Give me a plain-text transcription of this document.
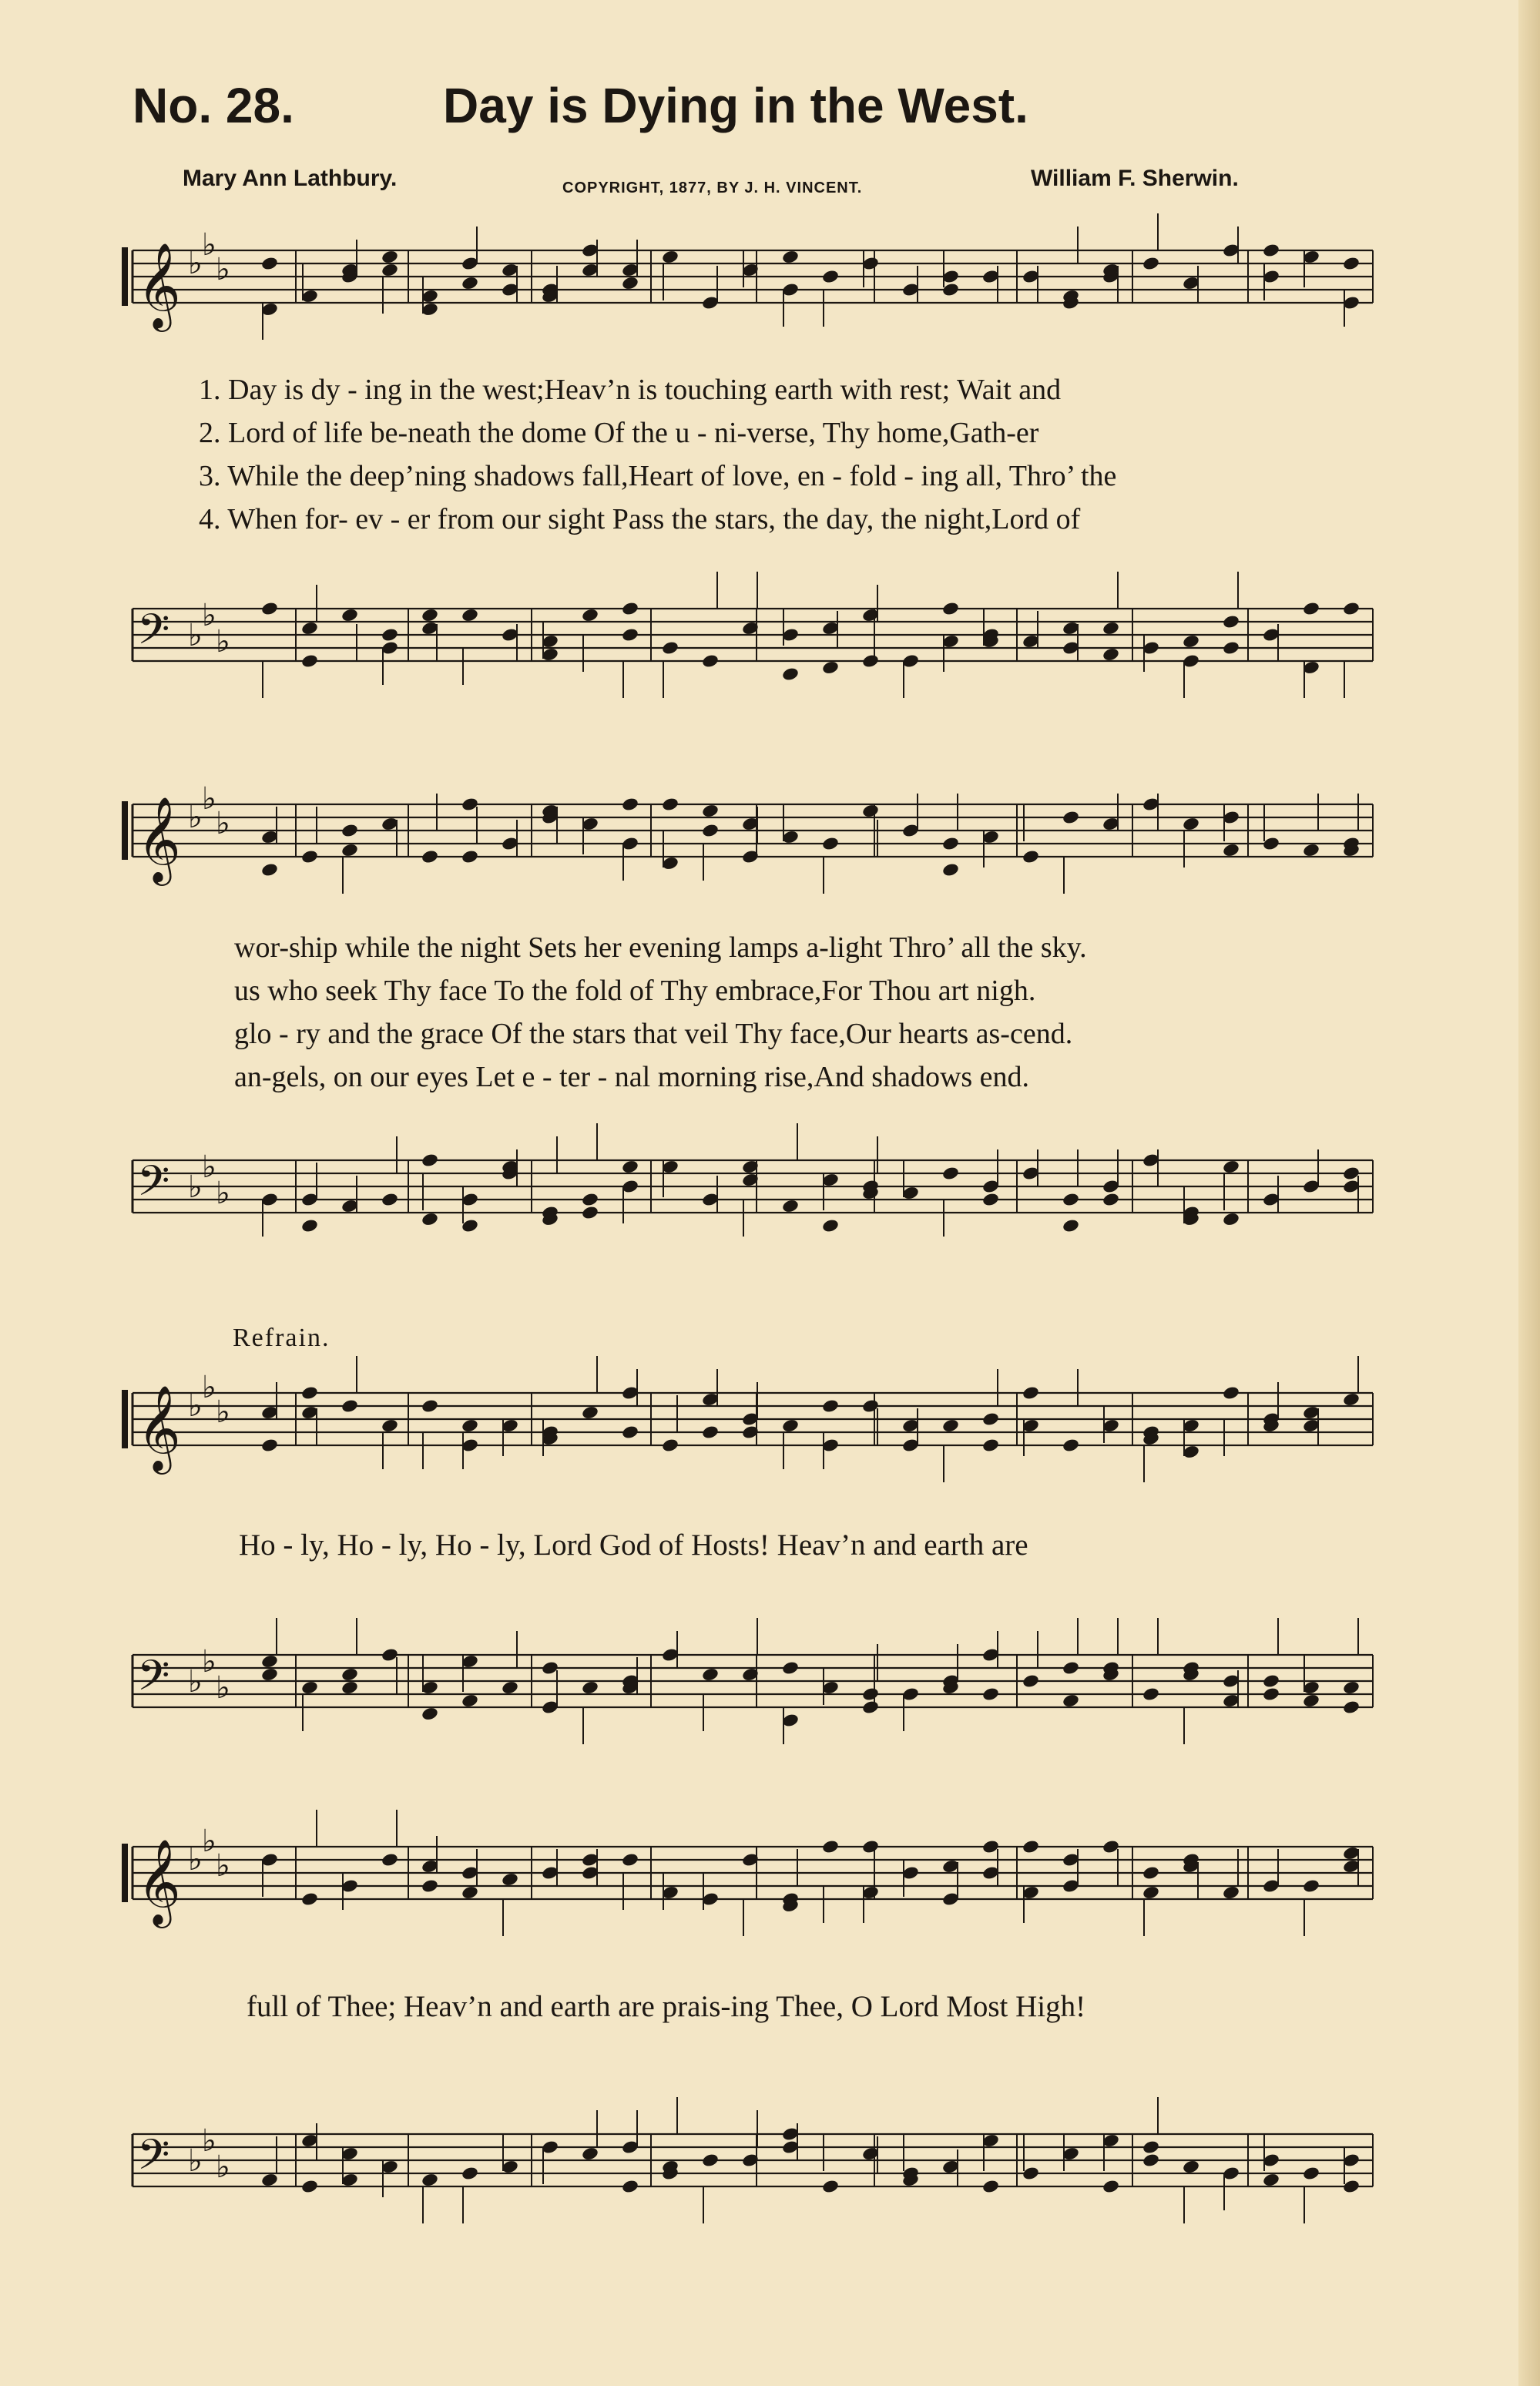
No. 28.	Day is Dying in the West.
Mary Ann Lathbury.	COPYRIGHT, 1877, BY J. H. VINCENT.	William F. Sherwin.
𝄞 ♭
♭
♭
1. Day is dy - ing in the west;Heav’n is touching earth with rest; Wait and
2. Lord of life be-neath the dome Of the u - ni-verse, Thy home,Gath-er
3. While the deep’ning shadows fall,Heart of love, en - fold - ing all, Thro’ the
4. When for- ev - er from our sight Pass the stars, the day, the night,Lord of
𝄢 ♭
♭
♭
𝄞 ♭
♭
♭
wor-ship while the night Sets her evening lamps a-light Thro’ all the sky.
us who seek Thy face To the fold of Thy embrace,For Thou art nigh.
glo - ry and the grace Of the stars that veil Thy face,Our hearts as-cend.
an-gels, on our eyes Let e - ter - nal morning rise,And shadows end.
𝄢 ♭
♭
♭
Refrain.
𝄞 ♭
♭
♭
Ho - ly, Ho - ly, Ho - ly, Lord God of Hosts! Heav’n and earth are
𝄢 ♭
♭
♭
𝄞 ♭
♭
♭
full of Thee; Heav’n and earth are prais-ing Thee, O Lord Most High!
𝄢 ♭
♭
♭
